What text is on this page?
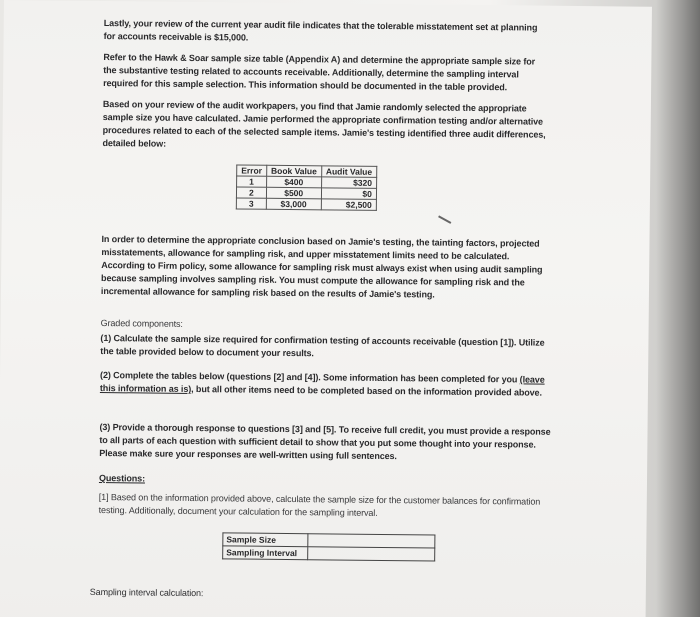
Lastly, your review of the current year audit file indicates that the tolerable misstatement set at planning for accounts receivable is $15,000.
Refer to the Hawk & Soar sample size table (Appendix A) and determine the appropriate sample size for the substantive testing related to accounts receivable. Additionally, determine the sampling interval required for this sample selection. This information should be documented in the table provided.
Based on your review of the audit workpapers, you find that Jamie randomly selected the appropriate sample size you have calculated. Jamie performed the appropriate confirmation testing and/or alternative procedures related to each of the selected sample items. Jamie's testing identified three audit differences, detailed below:
Error	Book Value	Audit Value
1	$400	$320
2	$500	$0
3	$3,000	$2,500
In order to determine the appropriate conclusion based on Jamie's testing, the tainting factors, projected misstatements, allowance for sampling risk, and upper misstatement limits need to be calculated. According to Firm policy, some allowance for sampling risk must always exist when using audit sampling because sampling involves sampling risk. You must compute the allowance for sampling risk and the incremental allowance for sampling risk based on the results of Jamie's testing.
Graded components:
(1) Calculate the sample size required for confirmation testing of accounts receivable (question [1]). Utilize the table provided below to document your results.
(2) Complete the tables below (questions [2] and [4]). Some information has been completed for you (leave this information as is), but all other items need to be completed based on the information provided above.
(3) Provide a thorough response to questions [3] and [5]. To receive full credit, you must provide a response to all parts of each question with sufficient detail to show that you put some thought into your response. Please make sure your responses are well-written using full sentences.
Questions:
[1] Based on the information provided above, calculate the sample size for the customer balances for confirmation testing. Additionally, document your calculation for the sampling interval.
Sample Size	
Sampling Interval	
Sampling interval calculation:
